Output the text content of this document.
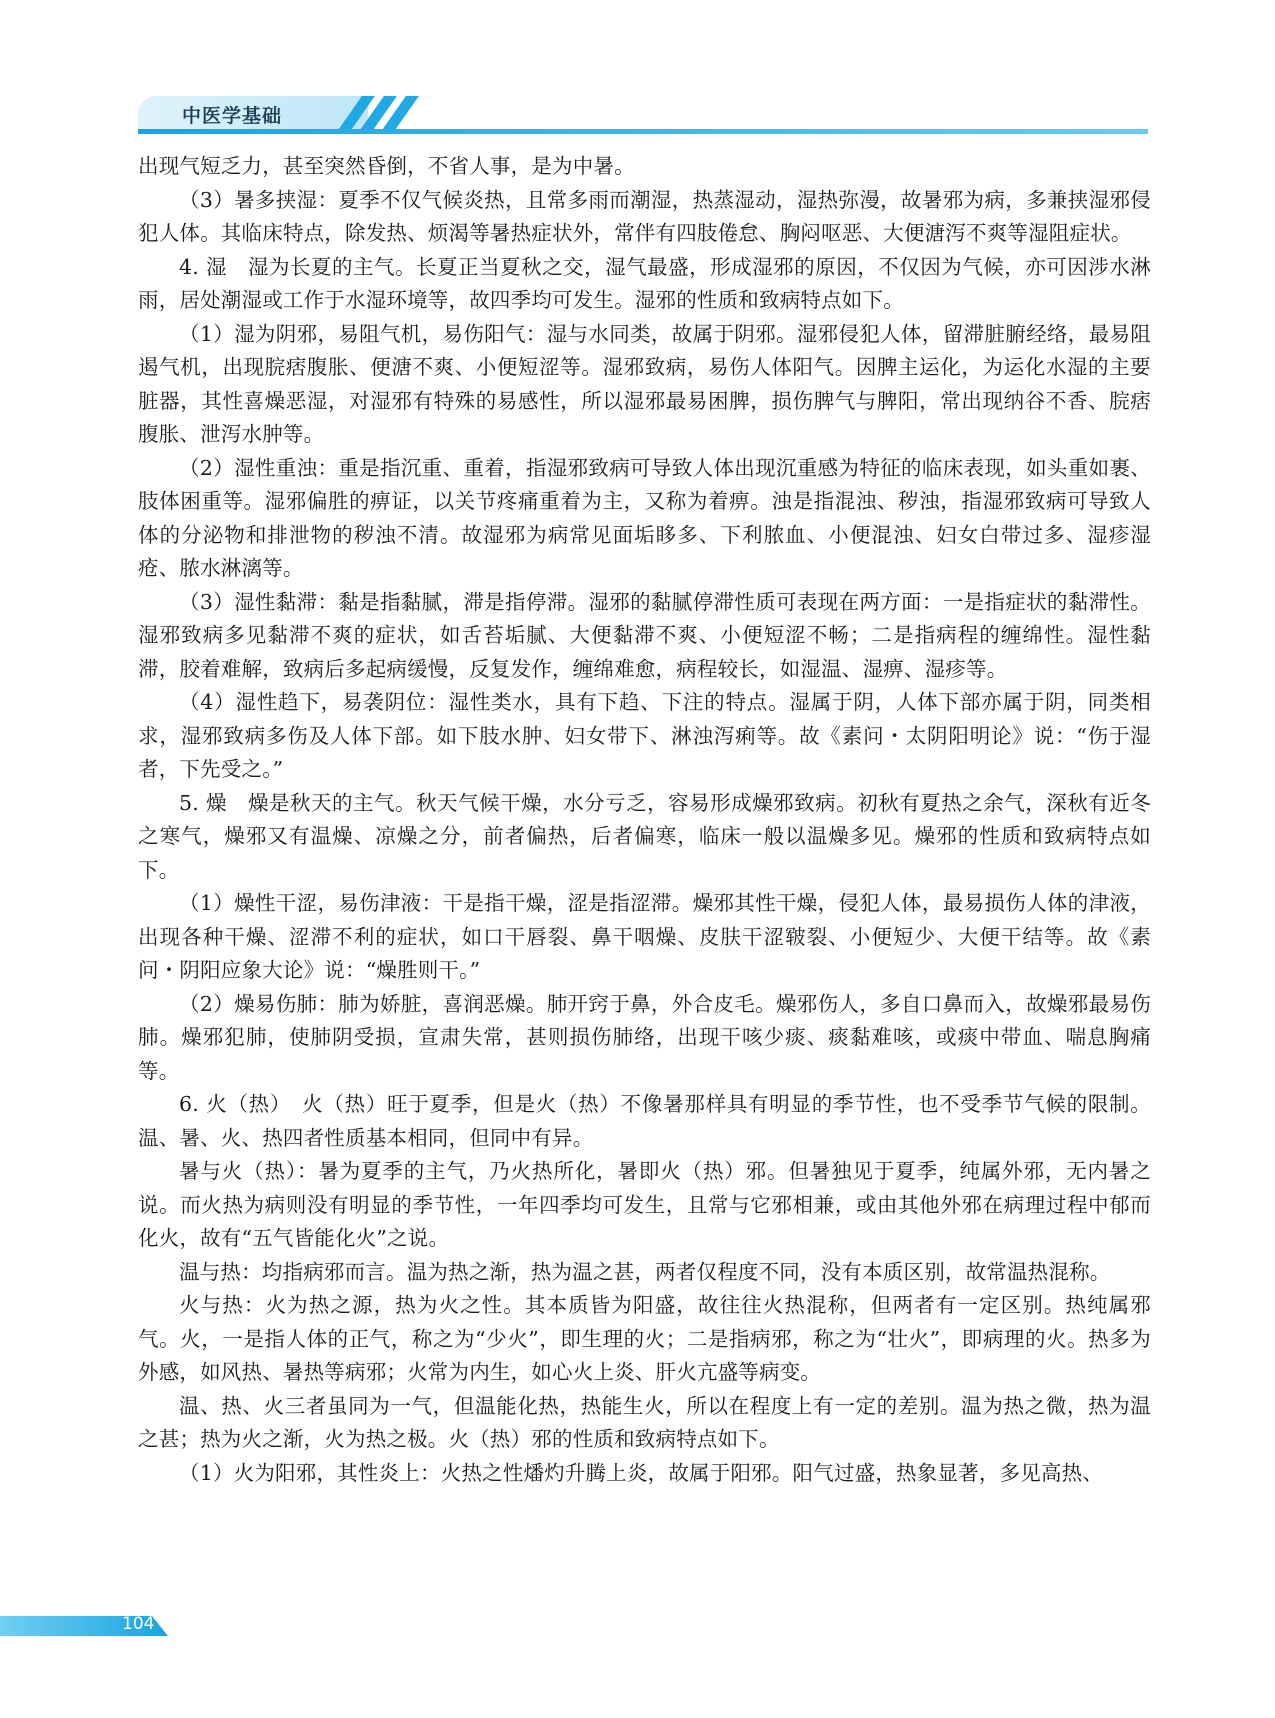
中医学基础

出现气短乏力，甚至突然昏倒，不省人事，是为中暑。

（3）暑多挟湿：夏季不仅气候炎热，且常多雨而潮湿，热蒸湿动，湿热弥漫，故暑邪为病，多兼挟湿邪侵犯人体。其临床特点，除发热、烦渴等暑热症状外，常伴有四肢倦怠、胸闷呕恶、大便溏泻不爽等湿阻症状。

4. 湿　湿为长夏的主气。长夏正当夏秋之交，湿气最盛，形成湿邪的原因，不仅因为气候，亦可因涉水淋雨，居处潮湿或工作于水湿环境等，故四季均可发生。湿邪的性质和致病特点如下。

（1）湿为阴邪，易阻气机，易伤阳气：湿与水同类，故属于阴邪。湿邪侵犯人体，留滞脏腑经络，最易阻遏气机，出现脘痞腹胀、便溏不爽、小便短涩等。湿邪致病，易伤人体阳气。因脾主运化，为运化水湿的主要脏器，其性喜燥恶湿，对湿邪有特殊的易感性，所以湿邪最易困脾，损伤脾气与脾阳，常出现纳谷不香、脘痞腹胀、泄泻水肿等。

（2）湿性重浊：重是指沉重、重着，指湿邪致病可导致人体出现沉重感为特征的临床表现，如头重如裹、肢体困重等。湿邪偏胜的痹证，以关节疼痛重着为主，又称为着痹。浊是指混浊、秽浊，指湿邪致病可导致人体的分泌物和排泄物的秽浊不清。故湿邪为病常见面垢眵多、下利脓血、小便混浊、妇女白带过多、湿疹湿疮、脓水淋漓等。

（3）湿性黏滞：黏是指黏腻，滞是指停滞。湿邪的黏腻停滞性质可表现在两方面：一是指症状的黏滞性。湿邪致病多见黏滞不爽的症状，如舌苔垢腻、大便黏滞不爽、小便短涩不畅；二是指病程的缠绵性。湿性黏滞，胶着难解，致病后多起病缓慢，反复发作，缠绵难愈，病程较长，如湿温、湿痹、湿疹等。

（4）湿性趋下，易袭阴位：湿性类水，具有下趋、下注的特点。湿属于阴，人体下部亦属于阴，同类相求，湿邪致病多伤及人体下部。如下肢水肿、妇女带下、淋浊泻痢等。故《素问・太阴阳明论》说：“伤于湿者，下先受之。”

5. 燥　燥是秋天的主气。秋天气候干燥，水分亏乏，容易形成燥邪致病。初秋有夏热之余气，深秋有近冬之寒气，燥邪又有温燥、凉燥之分，前者偏热，后者偏寒，临床一般以温燥多见。燥邪的性质和致病特点如下。

（1）燥性干涩，易伤津液：干是指干燥，涩是指涩滞。燥邪其性干燥，侵犯人体，最易损伤人体的津液，出现各种干燥、涩滞不利的症状，如口干唇裂、鼻干咽燥、皮肤干涩皲裂、小便短少、大便干结等。故《素问・阴阳应象大论》说：“燥胜则干。”

（2）燥易伤肺：肺为娇脏，喜润恶燥。肺开窍于鼻，外合皮毛。燥邪伤人，多自口鼻而入，故燥邪最易伤肺。燥邪犯肺，使肺阴受损，宣肃失常，甚则损伤肺络，出现干咳少痰、痰黏难咳，或痰中带血、喘息胸痛等。

6. 火（热）　火（热）旺于夏季，但是火（热）不像暑那样具有明显的季节性，也不受季节气候的限制。温、暑、火、热四者性质基本相同，但同中有异。

暑与火（热）：暑为夏季的主气，乃火热所化，暑即火（热）邪。但暑独见于夏季，纯属外邪，无内暑之说。而火热为病则没有明显的季节性，一年四季均可发生，且常与它邪相兼，或由其他外邪在病理过程中郁而化火，故有“五气皆能化火”之说。

温与热：均指病邪而言。温为热之渐，热为温之甚，两者仅程度不同，没有本质区别，故常温热混称。

火与热：火为热之源，热为火之性。其本质皆为阳盛，故往往火热混称，但两者有一定区别。热纯属邪气。火，一是指人体的正气，称之为“少火”，即生理的火；二是指病邪，称之为“壮火”，即病理的火。热多为外感，如风热、暑热等病邪；火常为内生，如心火上炎、肝火亢盛等病变。

温、热、火三者虽同为一气，但温能化热，热能生火，所以在程度上有一定的差别。温为热之微，热为温之甚；热为火之渐，火为热之极。火（热）邪的性质和致病特点如下。

（1）火为阳邪，其性炎上：火热之性燔灼升腾上炎，故属于阳邪。阳气过盛，热象显著，多见高热、

104
